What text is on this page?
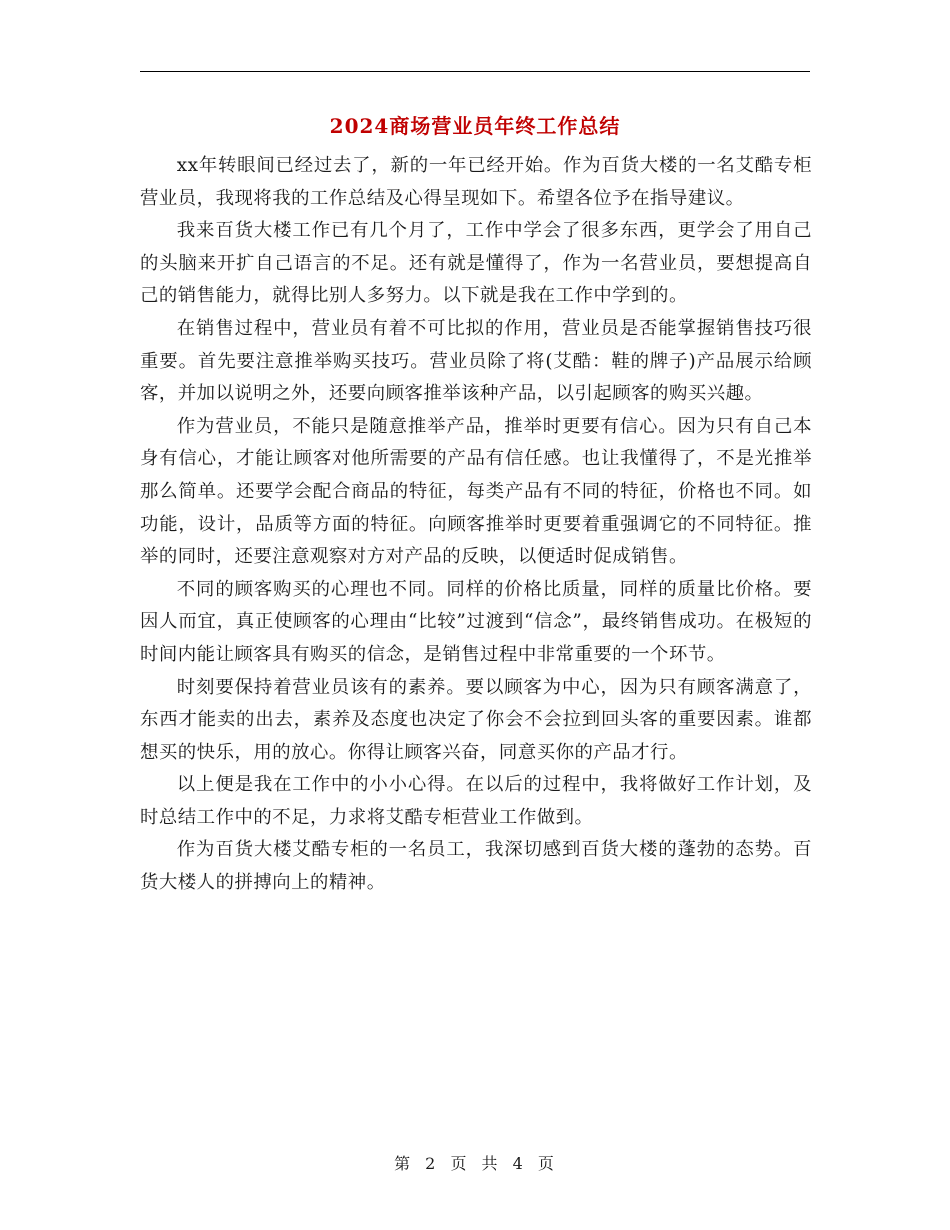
2024商场营业员年终工作总结

xx年转眼间已经过去了，新的一年已经开始。作为百货大楼的一名艾酷专柜营业员，我现将我的工作总结及心得呈现如下。希望各位予在指导建议。

我来百货大楼工作已有几个月了，工作中学会了很多东西，更学会了用自己的头脑来开扩自己语言的不足。还有就是懂得了，作为一名营业员，要想提高自己的销售能力，就得比别人多努力。以下就是我在工作中学到的。

在销售过程中，营业员有着不可比拟的作用，营业员是否能掌握销售技巧很重要。首先要注意推举购买技巧。营业员除了将(艾酷：鞋的牌子)产品展示给顾客，并加以说明之外，还要向顾客推举该种产品，以引起顾客的购买兴趣。

作为营业员，不能只是随意推举产品，推举时更要有信心。因为只有自己本身有信心，才能让顾客对他所需要的产品有信任感。也让我懂得了，不是光推举那么简单。还要学会配合商品的特征，每类产品有不同的特征，价格也不同。如功能，设计，品质等方面的特征。向顾客推举时更要着重强调它的不同特征。推举的同时，还要注意观察对方对产品的反映，以便适时促成销售。

不同的顾客购买的心理也不同。同样的价格比质量，同样的质量比价格。要因人而宜，真正使顾客的心理由“比较”过渡到“信念”，最终销售成功。在极短的时间内能让顾客具有购买的信念，是销售过程中非常重要的一个环节。

时刻要保持着营业员该有的素养。要以顾客为中心，因为只有顾客满意了，东西才能卖的出去，素养及态度也决定了你会不会拉到回头客的重要因素。谁都想买的快乐，用的放心。你得让顾客兴奋，同意买你的产品才行。

以上便是我在工作中的小小心得。在以后的过程中，我将做好工作计划，及时总结工作中的不足，力求将艾酷专柜营业工作做到。

作为百货大楼艾酷专柜的一名员工，我深切感到百货大楼的蓬勃的态势。百货大楼人的拼搏向上的精神。

第 2 页 共 4 页
